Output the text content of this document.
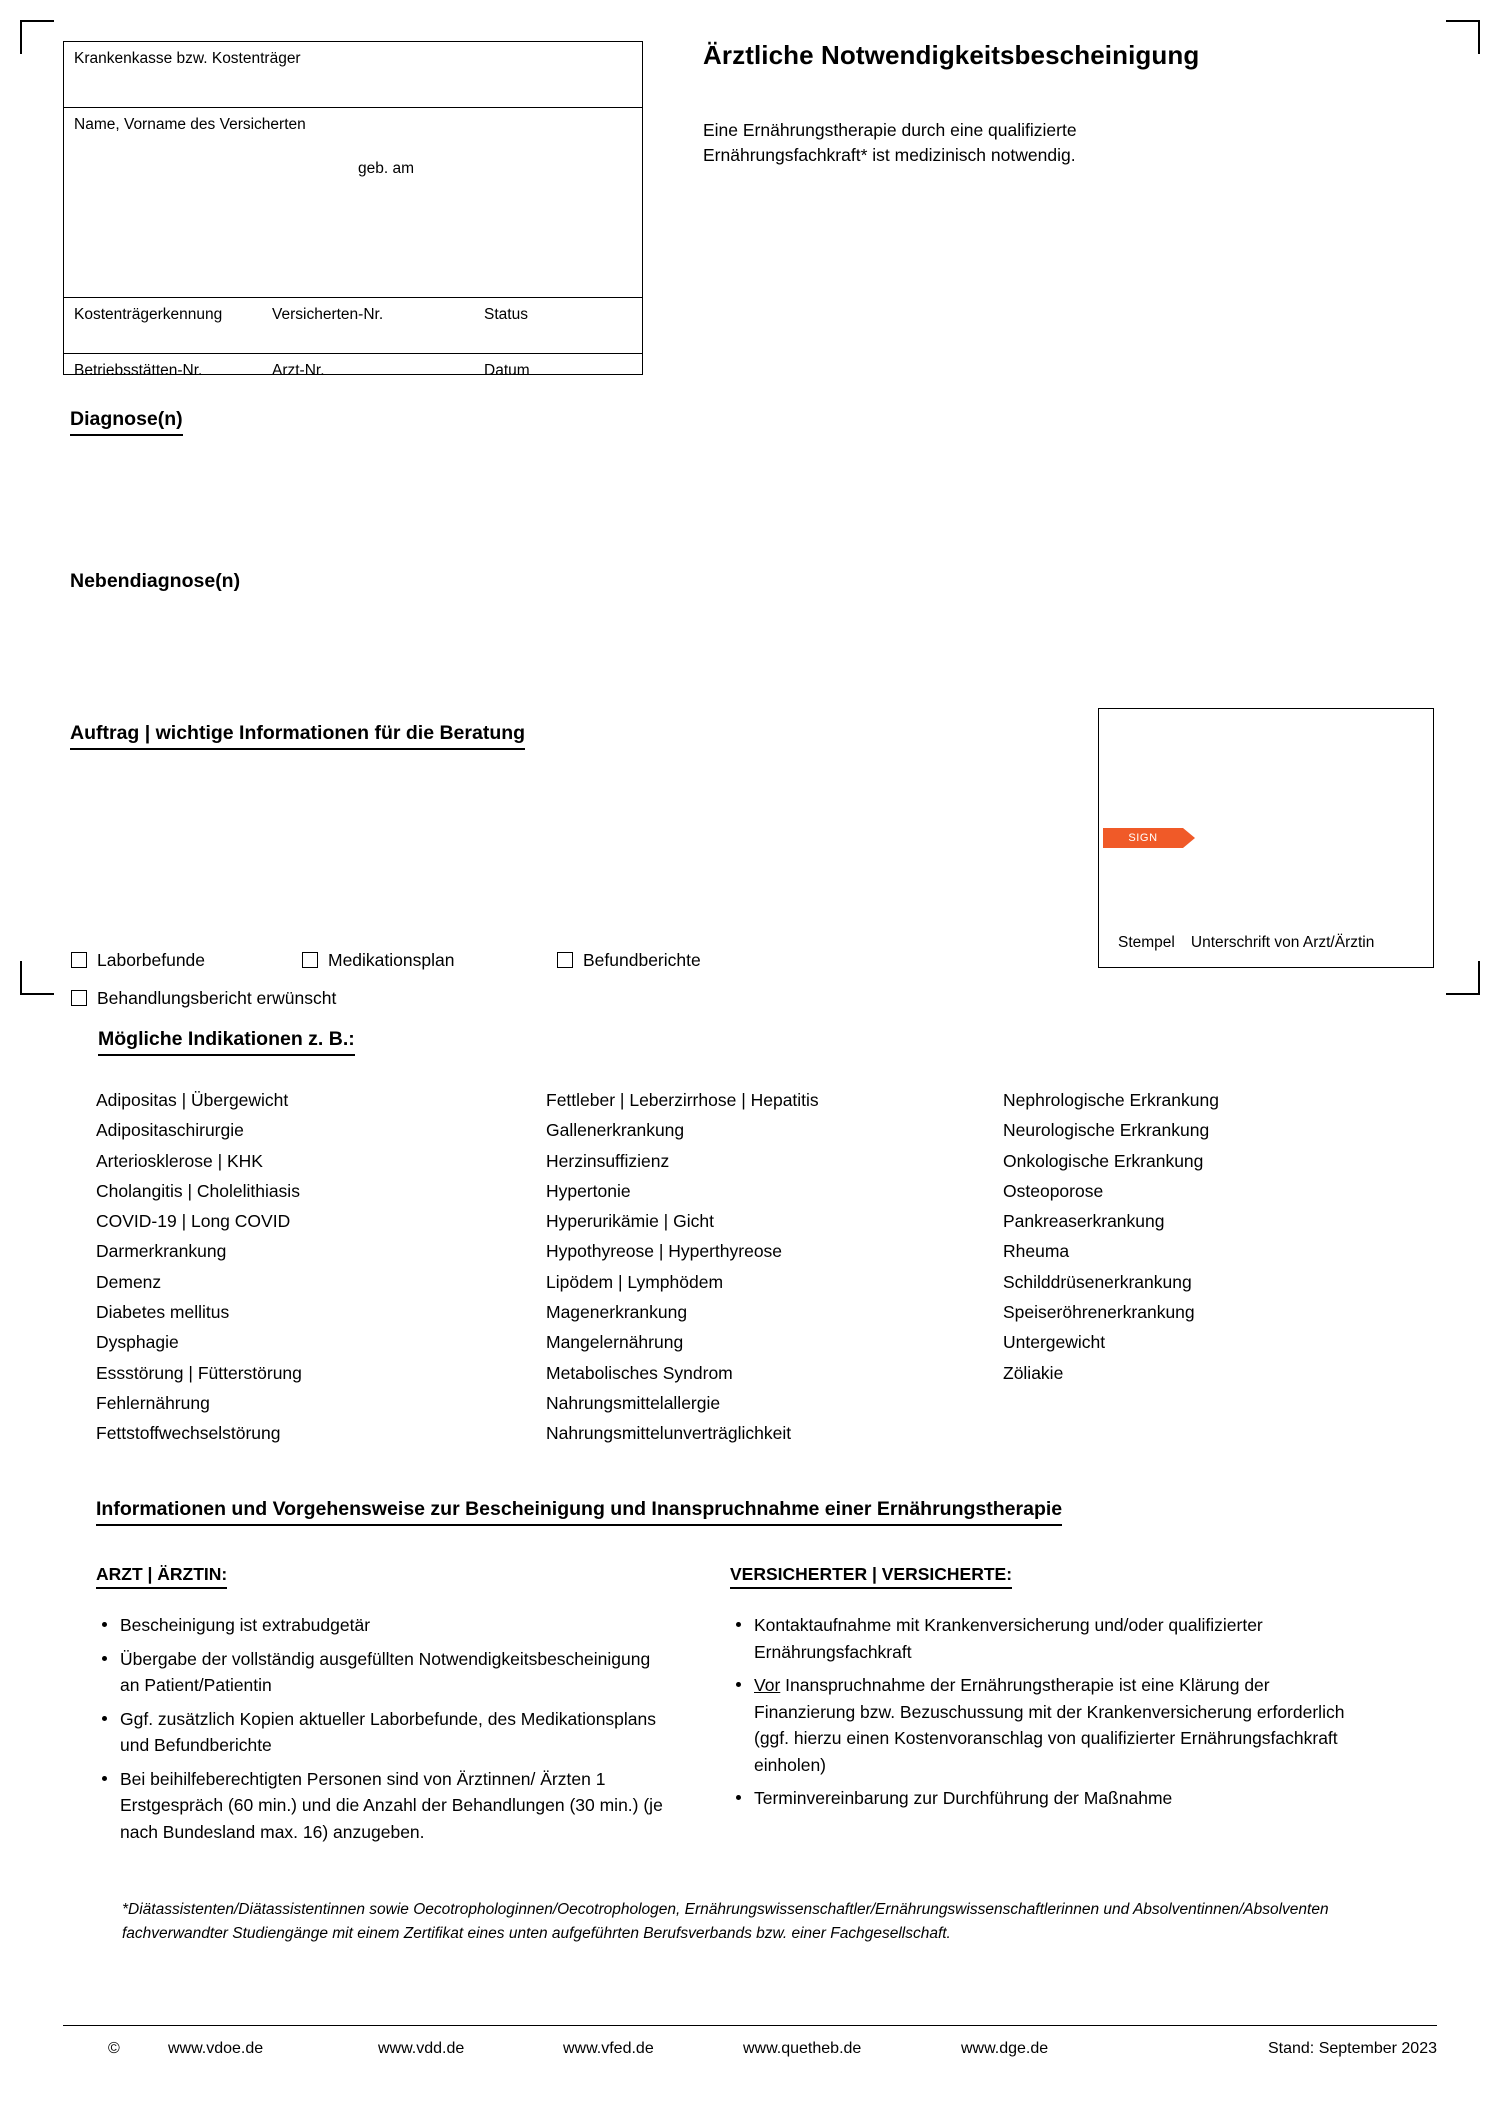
Krankenkasse bzw. Kostenträger
Name, Vorname des Versicherten
geb. am
Kostenträgerkennung	Versicherten-Nr.	Status
Betriebsstätten-Nr.	Arzt-Nr.	Datum
Ärztliche Notwendigkeitsbescheinigung
Eine Ernährungstherapie durch eine qualifizierte
Ernährungsfachkraft* ist medizinisch notwendig.
Diagnose(n)
Nebendiagnose(n)
Auftrag | wichtige Informationen für die Beratung
Laborbefunde	Medikationsplan	Befundberichte
Behandlungsbericht erwünscht
SIGN
Stempel Unterschrift von Arzt/Ärztin
Mögliche Indikationen z. B.:
Adipositas | Übergewicht
Adipositaschirurgie
Arteriosklerose | KHK
Cholangitis | Cholelithiasis
COVID-19 | Long COVID
Darmerkrankung
Demenz
Diabetes mellitus
Dysphagie
Essstörung | Fütterstörung
Fehlernährung
Fettstoffwechselstörung
Fettleber | Leberzirrhose | Hepatitis
Gallenerkrankung
Herzinsuffizienz
Hypertonie
Hyperurikämie | Gicht
Hypothyreose | Hyperthyreose
Lipödem | Lymphödem
Magenerkrankung
Mangelernährung
Metabolisches Syndrom
Nahrungsmittelallergie
Nahrungsmittelunverträglichkeit
Nephrologische Erkrankung
Neurologische Erkrankung
Onkologische Erkrankung
Osteoporose
Pankreaserkrankung
Rheuma
Schilddrüsenerkrankung
Speiseröhrenerkrankung
Untergewicht
Zöliakie
Informationen und Vorgehensweise zur Bescheinigung und Inanspruchnahme einer Ernährungstherapie
ARZT | ÄRZTIN:	VERSICHERTER | VERSICHERTE:
Bescheinigung ist extrabudgetär
Übergabe der vollständig ausgefüllten Notwendigkeitsbescheinigung an Patient/Patientin
Ggf. zusätzlich Kopien aktueller Laborbefunde, des Medikationsplans und Befundberichte
Bei beihilfeberechtigten Personen sind von Ärztinnen/ Ärzten 1 Erstgespräch (60 min.) und die Anzahl der Behandlungen (30 min.) (je nach Bundesland max. 16) anzugeben.
Kontaktaufnahme mit Krankenversicherung und/oder qualifizierter Ernährungsfachkraft
Vor Inanspruchnahme der Ernährungstherapie ist eine Klärung der Finanzierung bzw. Bezuschussung mit der Krankenversicherung erforderlich (ggf. hierzu einen Kostenvoranschlag von qualifizierter Ernährungsfachkraft einholen)
Terminvereinbarung zur Durchführung der Maßnahme
*Diätassistenten/Diätassistentinnen sowie Oecotrophologinnen/Oecotrophologen, Ernährungswissenschaftler/Ernährungswissenschaftlerinnen und Absolventinnen/Absolventen fachverwandter Studiengänge mit einem Zertifikat eines unten aufgeführten Berufsverbands bzw. einer Fachgesellschaft.
©	www.vdoe.de	www.vdd.de	www.vfed.de	www.quetheb.de	www.dge.de	Stand: September 2023
